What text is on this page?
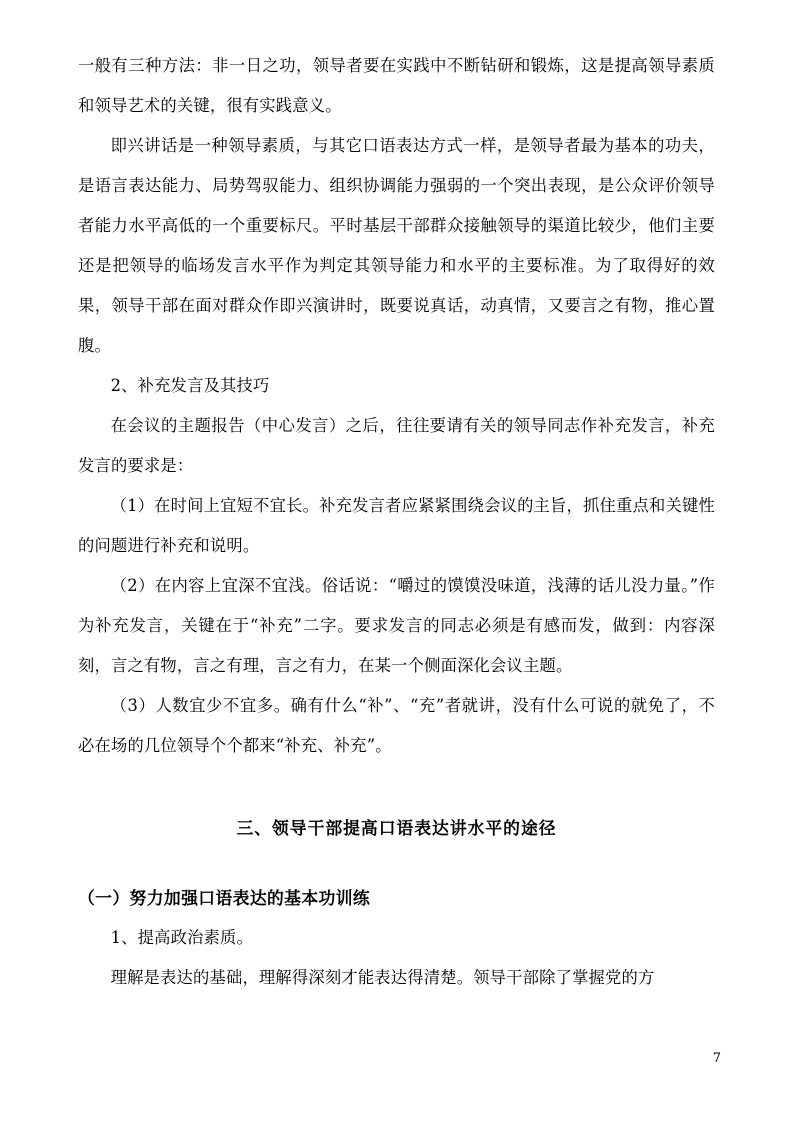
一般有三种方法：非一日之功，领导者要在实践中不断钻研和锻炼，这是提高领导素质和领导艺术的关键，很有实践意义。

即兴讲话是一种领导素质，与其它口语表达方式一样，是领导者最为基本的功夫，是语言表达能力、局势驾驭能力、组织协调能力强弱的一个突出表现，是公众评价领导者能力水平高低的一个重要标尺。平时基层干部群众接触领导的渠道比较少，他们主要还是把领导的临场发言水平作为判定其领导能力和水平的主要标准。为了取得好的效果，领导干部在面对群众作即兴演讲时，既要说真话，动真情，又要言之有物，推心置腹。

2、补充发言及其技巧

在会议的主题报告（中心发言）之后，往往要请有关的领导同志作补充发言，补充发言的要求是：

（1）在时间上宜短不宜长。补充发言者应紧紧围绕会议的主旨，抓住重点和关键性的问题进行补充和说明。

（2）在内容上宜深不宜浅。俗话说：“嚼过的馍馍没味道，浅薄的话儿没力量。”作为补充发言，关键在于“补充”二字。要求发言的同志必须是有感而发，做到：内容深刻，言之有物，言之有理，言之有力，在某一个侧面深化会议主题。

（3）人数宜少不宜多。确有什么“补”、“充”者就讲，没有什么可说的就免了，不必在场的几位领导个个都来“补充、补充”。

三、领导干部提高口语表达讲水平的途径

（一）努力加强口语表达的基本功训练

1、提高政治素质。

理解是表达的基础，理解得深刻才能表达得清楚。领导干部除了掌握党的方

7
